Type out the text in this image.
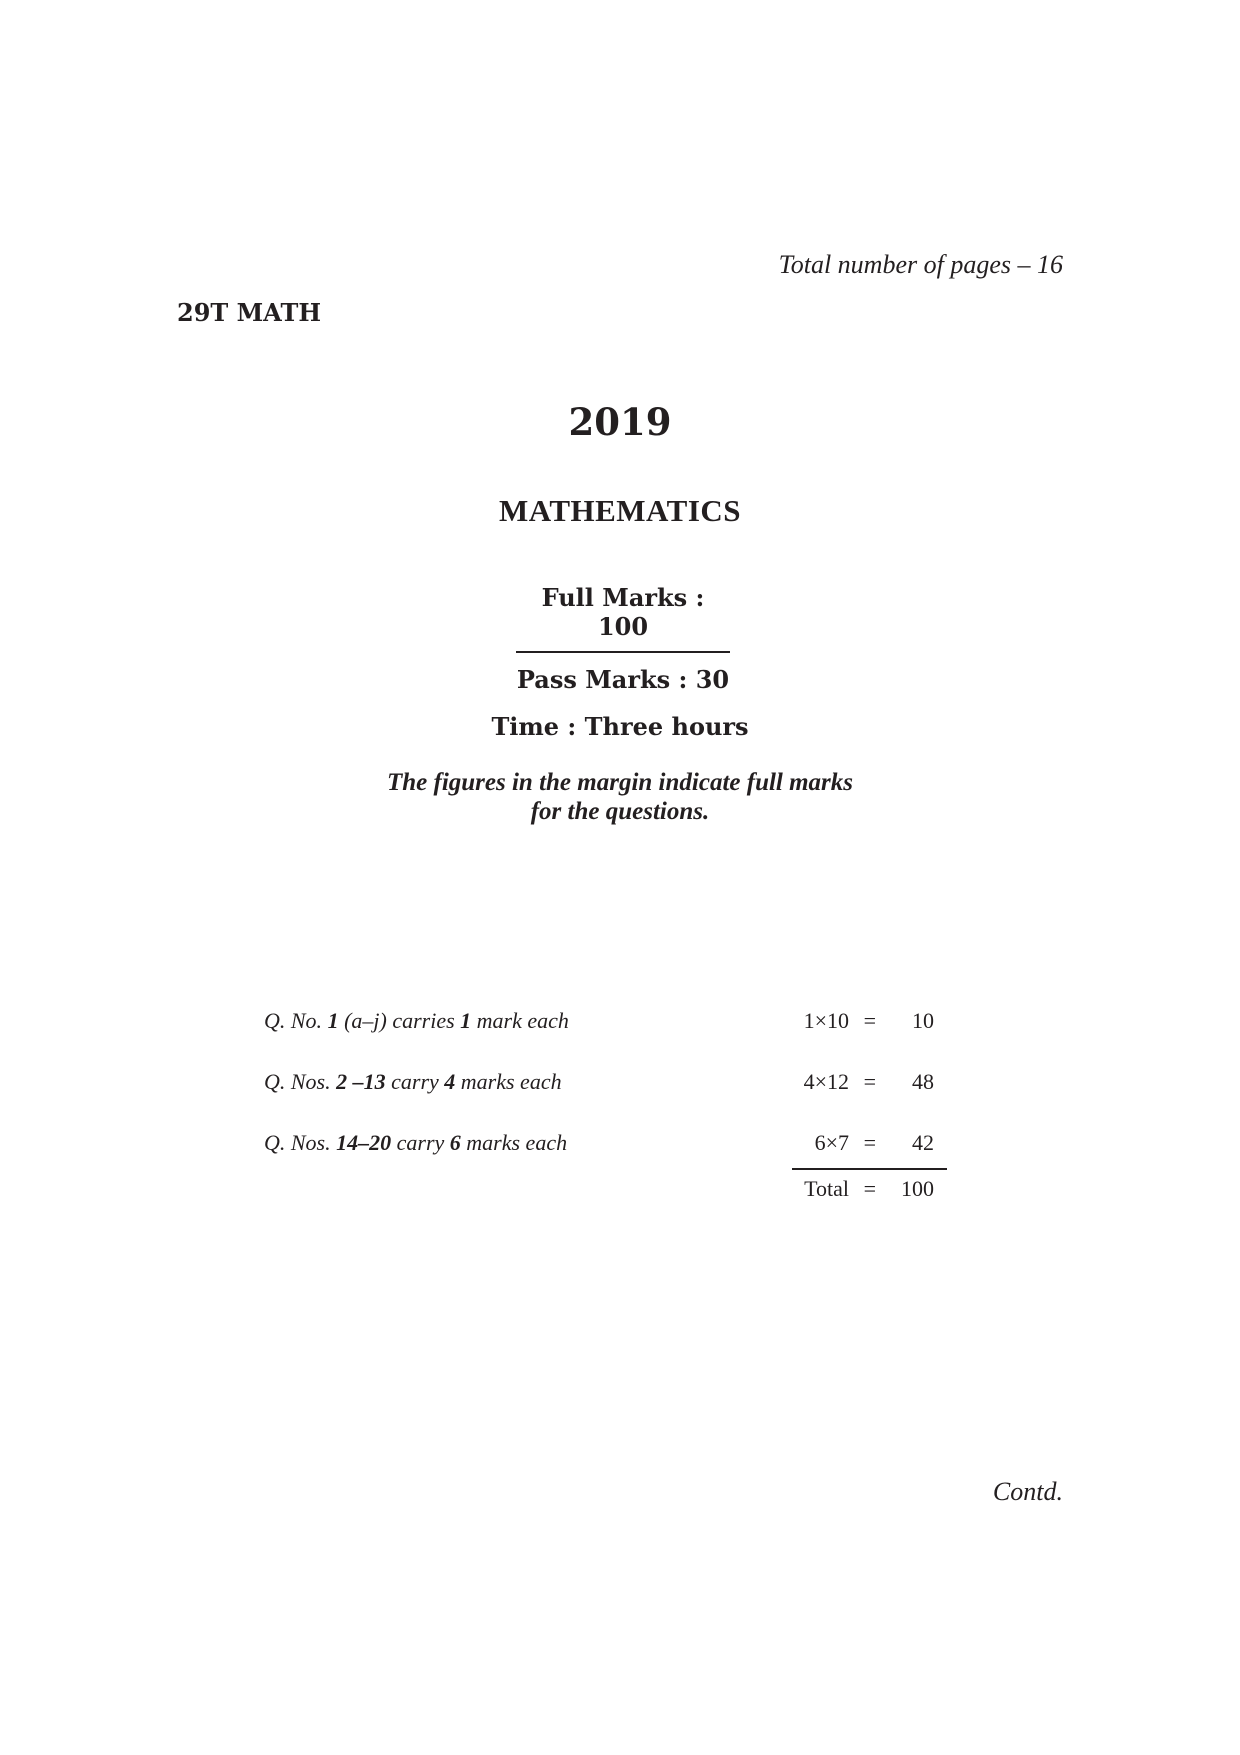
Total number of pages – 16
29T MATH
2019
MATHEMATICS
Full Marks : 100
Pass Marks : 30
Time : Three hours
The figures in the margin indicate full marks
for the questions.
Q. No. 1 (a–j) carries 1 mark each	1×10 = 10
Q. Nos. 2 –13 carry 4 marks each	4×12 = 48
Q. Nos. 14–20 carry 6 marks each	6×7 = 42
Total = 100
Contd.
